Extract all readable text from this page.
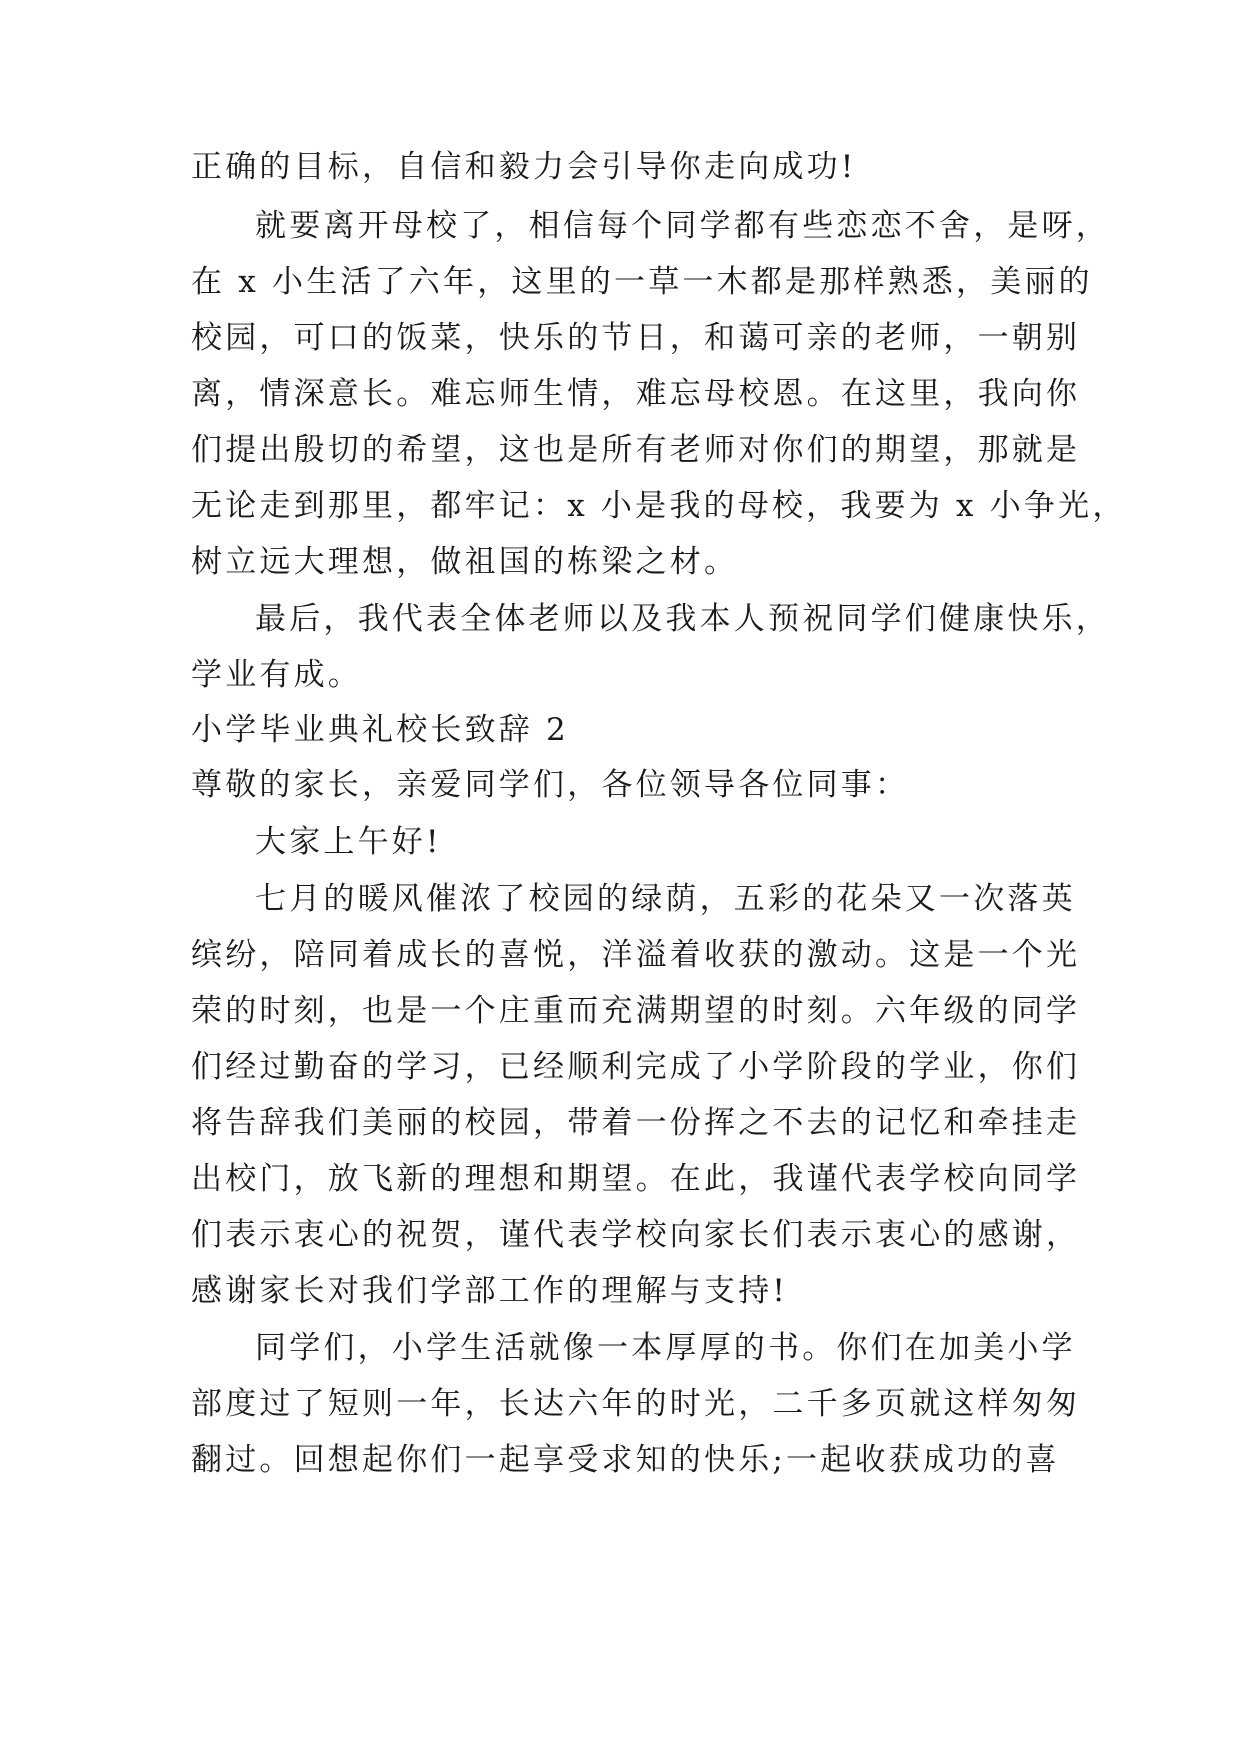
正确的目标，自信和毅力会引导你走向成功!
就要离开母校了，相信每个同学都有些恋恋不舍，是呀，
在 x 小生活了六年，这里的一草一木都是那样熟悉，美丽的
校园，可口的饭菜，快乐的节日，和蔼可亲的老师，一朝别
离，情深意长。难忘师生情，难忘母校恩。在这里，我向你
们提出殷切的希望，这也是所有老师对你们的期望，那就是
无论走到那里，都牢记：x 小是我的母校，我要为 x 小争光，
树立远大理想，做祖国的栋梁之材。
最后，我代表全体老师以及我本人预祝同学们健康快乐，
学业有成。
小学毕业典礼校长致辞 2
尊敬的家长，亲爱同学们，各位领导各位同事：
大家上午好!
七月的暖风催浓了校园的绿荫，五彩的花朵又一次落英
缤纷，陪同着成长的喜悦，洋溢着收获的激动。这是一个光
荣的时刻，也是一个庄重而充满期望的时刻。六年级的同学
们经过勤奋的学习，已经顺利完成了小学阶段的学业，你们
将告辞我们美丽的校园，带着一份挥之不去的记忆和牵挂走
出校门，放飞新的理想和期望。在此，我谨代表学校向同学
们表示衷心的祝贺，谨代表学校向家长们表示衷心的感谢，
感谢家长对我们学部工作的理解与支持!
同学们，小学生活就像一本厚厚的书。你们在加美小学
部度过了短则一年，长达六年的时光，二千多页就这样匆匆
翻过。回想起你们一起享受求知的快乐;一起收获成功的喜
